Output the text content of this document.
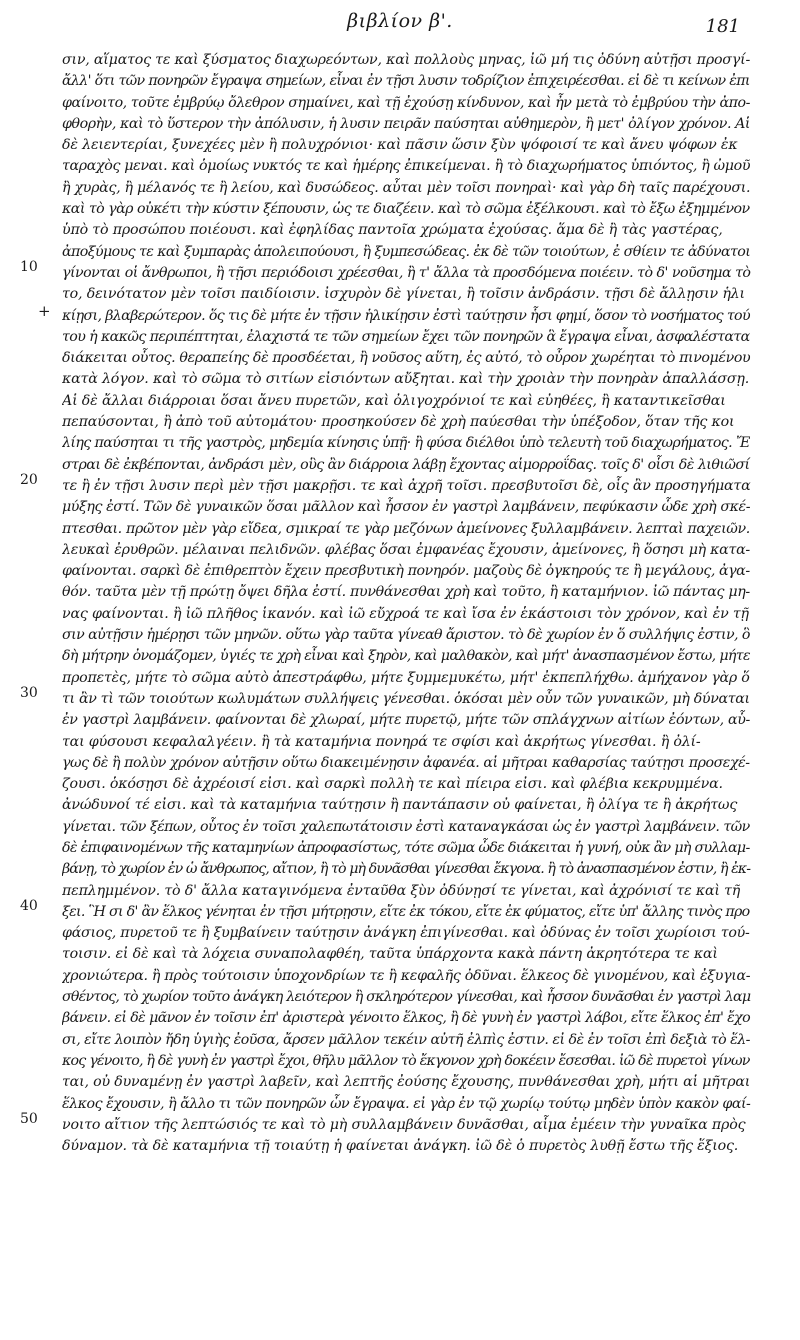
βιβλίον β'.	181
σιν, αἵματος τε καὶ ξύσματος διαχωρεόντων, καὶ πολλοὺς μηνας, ἰῶ μή τις ὀδύνη αὐτῇσι προσγί-
ἄλλ' ὅτι τῶν πονηρῶν ἔγραψα σημείων, εἶναι ἐν τῇσι λυσιν τοδρίζιον ἐπιχειρέεσθαι. εἰ δὲ τι κείνων ἐπι
φαίνοιτο, τοῦτε ἐμβρύῳ ὄλεθρον σημαίνει, καὶ τῇ ἐχούσῃ κίνδυνον, καὶ ἦν μετὰ τὸ ἐμβρύου τὴν ἀπο-
φθορὴν, καὶ τὸ ὕστερον τὴν ἀπόλυσιν, ἡ λυσιν πειρᾶν παύσηται αὐθημερὸν, ἢ μετ' ὀλίγον χρόνον. Αἱ
δὲ λειεντερίαι, ξυνεχέες μὲν ἢ πολυχρόνιοι· καὶ πᾶσιν ὥσιν ξὺν ψόφοισί τε καὶ ἄνευ ψόφων ἐκ
ταραχὸς μεναι. καὶ ὁμοίως νυκτός τε καὶ ἡμέρης ἐπικείμεναι. ἢ τὸ διαχωρήματος ὑπιόντος, ἢ ὠμοῦ
ἢ χυρὰς, ἢ μέλανός τε ἢ λείου, καὶ δυσώδεος. αὗται μὲν τοῖσι πονηραὶ· καὶ γὰρ δὴ ταῖς παρέχουσι.
καὶ τὸ γὰρ οὐκέτι τὴν κύστιν ξέπουσιν, ὡς τε διαζέειν. καὶ τὸ σῶμα ἐξέλκουσι. καὶ τὸ ἔξω ἐξημμένον
ὑπὸ τὸ προσώπου ποιέουσι. καὶ ἐφηλίδας παντοῖα χρώματα ἐχούσας. ἅμα δὲ ἢ τὰς γαστέρας,
ἀποξύμους τε καὶ ξυμπαρὰς ἀπολειπούουσι, ἢ ξυμπεσώδεας. ἐκ δὲ τῶν τοιούτων, ἐ σθίειν τε ἀδύνατοι
γίνονται οἱ ἄνθρωποι, ἢ τῇσι περιόδοισι χρέεσθαι, ἢ τ' ἄλλα τὰ προσδόμενα ποιέειν. τὸ δ' νοῦσημα τὸ
το, δεινότατον μὲν τοῖσι παιδίοισιν. ἰσχυρὸν δὲ γίνεται, ἢ τοῖσιν ἀνδράσιν. τῇσι δὲ ἄλλῃσιν ἡλι
κίῃσι, βλαβερώτερον. ὅς τις δὲ μήτε ἐν τῇσιν ἡλικίῃσιν ἐστὶ ταύτῃσιν ἧσι φημί, ὅσον τὸ νοσήματος τού
του ἡ κακῶς περιπέπτηται, ἐλαχιστά τε τῶν σημείων ἔχει τῶν πονηρῶν ἃ ἔγραψα εἶναι, ἀσφαλέστατα
διάκειται οὗτος. θεραπείης δὲ προσδέεται, ἢ νοῦσος αὕτη, ἐς αὐτό, τὸ οὖρον χωρέηται τὸ πινομένου
κατὰ λόγον. καὶ τὸ σῶμα τὸ σιτίων εἰσιόντων αὔξηται. καὶ τὴν χροιὰν τὴν πονηρὰν ἀπαλλάσσῃ.
Αἱ δὲ ἄλλαι διάρροιαι ὅσαι ἄνευ πυρετῶν, καὶ ὀλιγοχρόνιοί τε καὶ εὐηθέες, ἢ καταντικεῖσθαι
πεπαύσονται, ἢ ἀπὸ τοῦ αὐτομάτου· προσηκούσεν δὲ χρὴ παύεσθαι τὴν ὑπέξοδον, ὅταν τῆς κοι
λίης παύσηται τι τῆς γαστρὸς, μηδεμία κίνησις ὑπῇ· ἢ φύσα διέλθοι ὑπὸ τελευτὴ τοῦ διαχωρήματος. Ἔ
στραι δὲ ἐκβέπονται, ἀνδράσι μὲν, οὓς ἂν διάρροια λάβῃ ἔχοντας αἱμορροΐδας. τοῖς δ' οἷσι δὲ λιθιῶσί
τε ἢ ἐν τῇσι λυσιν περὶ μὲν τῇσι μακρῇσι. τε καὶ ἀχρῆ τοῖσι. πρεσβυτοῖσι δὲ, οἷς ἂν προσηγήματα
μύξης ἐστί. Τῶν δὲ γυναικῶν ὅσαι μᾶλλον καὶ ἧσσον ἐν γαστρὶ λαμβάνειν, πεφύκασιν ὧδε χρὴ σκέ-
πτεσθαι. πρῶτον μὲν γὰρ εἴδεα, σμικραί τε γὰρ μεζόνων ἀμείνονες ξυλλαμβάνειν. λεπταὶ παχειῶν.
λευκαὶ ἐρυθρῶν. μέλαιναι πελιδνῶν. φλέβας ὅσαι ἐμφανέας ἔχουσιν, ἀμείνονες, ἢ ὅσησι μὴ κατα-
φαίνονται. σαρκὶ δὲ ἐπιθρεπτὸν ἔχειν πρεσβυτικὴ πονηρόν. μαζοὺς δὲ ὀγκηρούς τε ἢ μεγάλους, ἀγα-
θόν. ταῦτα μὲν τῇ πρώτῃ ὄψει δῆλα ἐστί. πυνθάνεσθαι χρὴ καὶ τοῦτο, ἢ καταμήνιον. ἰῶ πάντας μη-
νας φαίνονται. ἢ ἰῶ πλῆθος ἱκανόν. καὶ ἰῶ εὔχροά τε καὶ ἴσα ἐν ἑκάστοισι τὸν χρόνον, καὶ ἐν τῇ
σιν αὐτῇσιν ἡμέρῃσι τῶν μηνῶν. οὕτω γὰρ ταῦτα γίνεαθ ἄριστον. τὸ δὲ χωρίον ἐν ὅ συλλήψις ἐστιν, ὃ
δὴ μήτρην ὀνομάζομεν, ὑγιές τε χρὴ εἶναι καὶ ξηρὸν, καὶ μαλθακὸν, καὶ μήτ' ἀνασπασμένον ἔστω, μήτε
προπετὲς, μήτε τὸ σῶμα αὐτὸ ἀπεστράφθω, μήτε ξυμμεμυκέτω, μήτ' ἐκπεπλήχθω. ἀμήχανον γὰρ ὅ
τι ἂν τὶ τῶν τοιούτων κωλυμάτων συλλήψεις γένεσθαι. ὁκόσαι μὲν οὖν τῶν γυναικῶν, μὴ δύναται
ἐν γαστρὶ λαμβάνειν. φαίνονται δὲ χλωραί, μήτε πυρετῷ, μήτε τῶν σπλάγχνων αἰτίων ἐόντων, αὗ-
ται φύσουσι κεφαλαλγέειν. ἢ τὰ καταμήνια πονηρά τε σφίσι καὶ ἀκρήτως γίνεσθαι. ἢ ὀλί-
γως δὲ ἢ πολὺν χρόνον αὐτῇσιν οὕτω διακειμένῃσιν ἀφανέα. αἱ μῆτραι καθαρσίας ταύτῃσι προσεχέ-
ζουσι. ὁκόσῃσι δὲ ἀχρέοισί εἰσι. καὶ σαρκὶ πολλὴ τε καὶ πίειρα εἰσι. καὶ φλέβια κεκρυμμένα.
ἀνώδυνοί τέ εἰσι. καὶ τὰ καταμήνια ταύτῃσιν ἢ παντάπασιν οὐ φαίνεται, ἢ ὀλίγα τε ἢ ἀκρήτως
γίνεται. τῶν ξέπων, οὗτος ἐν τοῖσι χαλεπωτάτοισιν ἐστὶ καταναγκάσαι ὡς ἐν γαστρὶ λαμβάνειν. τῶν
δὲ ἐπιφαινομένων τῆς καταμηνίων ἀπροφασίστως, τότε σῶμα ὧδε διάκειται ἡ γυνή, οὐκ ἂν μὴ συλλαμ-
βάνῃ, τὸ χωρίον ἐν ὡ ἄνθρωπος, αἴτιον, ἢ τὸ μὴ δυνᾶσθαι γίνεσθαι ἔκγονα. ἢ τὸ ἀνασπασμένον ἐστιν, ἢ ἐκ-
πεπλημμένον. τὸ δ' ἄλλα καταγινόμενα ἐνταῦθα ξὺν ὀδύνῃσί τε γίνεται, καὶ ἀχρόνισί τε καὶ τῆ
ξει. Ἣ σι δ' ἂν ἕλκος γένηται ἐν τῇσι μήτρῃσιν, εἴτε ἐκ τόκου, εἴτε ἐκ φύματος, εἴτε ὑπ' ἄλλης τινὸς προ
φάσιος, πυρετοῦ τε ἢ ξυμβαίνειν ταύτῃσιν ἀνάγκη ἐπιγίνεσθαι. καὶ ὀδύνας ἐν τοῖσι χωρίοισι τού-
τοισιν. εἰ δὲ καὶ τὰ λόχεια συναπολαφθέη, ταῦτα ὑπάρχοντα κακὰ πάντη ἀκρητότερα τε καὶ
χρονιώτερα. ἢ πρὸς τούτοισιν ὑποχονδρίων τε ἢ κεφαλῆς ὀδῦναι. ἕλκεος δὲ γινομένου, καὶ ἐξυγια-
σθέντος, τὸ χωρίον τοῦτο ἀνάγκη λειότερον ἢ σκληρότερον γίνεσθαι, καὶ ἧσσον δυνᾶσθαι ἐν γαστρὶ λαμ
βάνειν. εἰ δὲ μᾶνον ἐν τοῖσιν ἐπ' ἀριστερὰ γένοιτο ἕλκος, ἢ δὲ γυνὴ ἐν γαστρὶ λάβοι, εἴτε ἕλκος ἐπ' ἔχο
σι, εἴτε λοιπὸν ἤδη ὑγιὴς ἐοῦσα, ἄρσεν μᾶλλον τεκέιν αὐτῆ ἐλπὶς ἐστιν. εἰ δὲ ἐν τοῖσι ἐπὶ δεξιὰ τὸ ἕλ-
κος γένοιτο, ἢ δὲ γυνὴ ἐν γαστρὶ ἔχοι, θῆλυ μᾶλλον τὸ ἔκγονον χρὴ δοκέειν ἔσεσθαι. ἰῶ δὲ πυρετοὶ γίνων
ται, οὐ δυναμένῃ ἐν γαστρὶ λαβεῖν, καὶ λεπτῆς ἐούσης ἔχουσης, πυνθάνεσθαι χρὴ, μήτι αἱ μῆτραι
ἕλκος ἔχουσιν, ἢ ἄλλο τι τῶν πονηρῶν ὧν ἔγραψα. εἰ γὰρ ἐν τῷ χωρίῳ τούτῳ μηδὲν ὑπὸν κακὸν φαί-
νοιτο αἴτιον τῆς λεπτώσιός τε καὶ τὸ μὴ συλλαμβάνειν δυνᾶσθαι, αἷμα ἐμέειν τὴν γυναῖκα πρὸς
δύναμον. τὰ δὲ καταμήνια τῇ τοιαύτῃ ἡ φαίνεται ἀνάγκη. ἰῶ δὲ ὁ πυρετὸς λυθῇ ἔστω τῆς ἕξιος.
10
20
30
40
50
+
